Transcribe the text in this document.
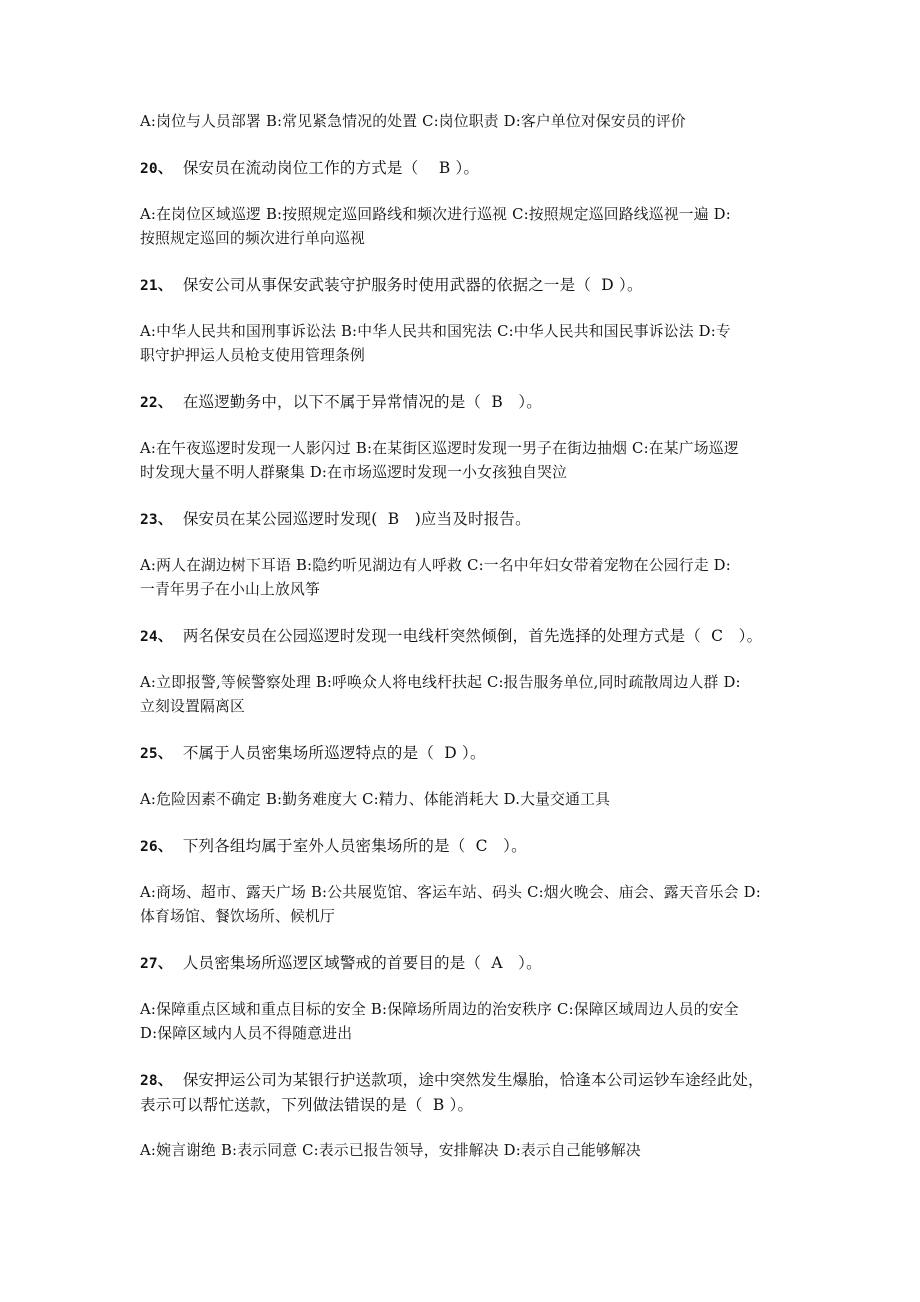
A:岗位与人员部署 B:常见紧急情况的处置 C:岗位职责 D:客户单位对保安员的评价
20、  保安员在流动岗位工作的方式是（    B ）。
A:在岗位区域巡逻 B:按照规定巡回路线和频次进行巡视 C:按照规定巡回路线巡视一遍 D:
按照规定巡回的频次进行单向巡视
21、  保安公司从事保安武装守护服务时使用武器的依据之一是（  D ）。
A:中华人民共和国刑事诉讼法 B:中华人民共和国宪法 C:中华人民共和国民事诉讼法 D:专
职守护押运人员枪支使用管理条例
22、  在巡逻勤务中，以下不属于异常情况的是（  B   ）。
A:在午夜巡逻时发现一人影闪过 B:在某街区巡逻时发现一男子在街边抽烟 C:在某广场巡逻
时发现大量不明人群聚集 D:在市场巡逻时发现一小女孩独自哭泣
23、  保安员在某公园巡逻时发现(  B   )应当及时报告。
A:两人在湖边树下耳语 B:隐约听见湖边有人呼救 C:一名中年妇女带着宠物在公园行走 D:
一青年男子在小山上放风筝
24、  两名保安员在公园巡逻时发现一电线杆突然倾倒，首先选择的处理方式是（  C   ）。
A:立即报警,等候警察处理 B:呼唤众人将电线杆扶起 C:报告服务单位,同时疏散周边人群 D:
立刻设置隔离区
25、  不属于人员密集场所巡逻特点的是（  D ）。
A:危险因素不确定 B:勤务难度大 C:精力、体能消耗大 D.大量交通工具
26、  下列各组均属于室外人员密集场所的是（  C   ）。
A:商场、超市、露天广场 B:公共展览馆、客运车站、码头 C:烟火晚会、庙会、露天音乐会 D:
体育场馆、餐饮场所、候机厅
27、  人员密集场所巡逻区域警戒的首要目的是（  A   ）。
A:保障重点区域和重点目标的安全 B:保障场所周边的治安秩序 C:保障区域周边人员的安全
D:保障区域内人员不得随意进出
28、  保安押运公司为某银行护送款项，途中突然发生爆胎，恰逢本公司运钞车途经此处，
表示可以帮忙送款，下列做法错误的是（  B ）。
A:婉言谢绝 B:表示同意 C:表示已报告领导，安排解决 D:表示自己能够解决
